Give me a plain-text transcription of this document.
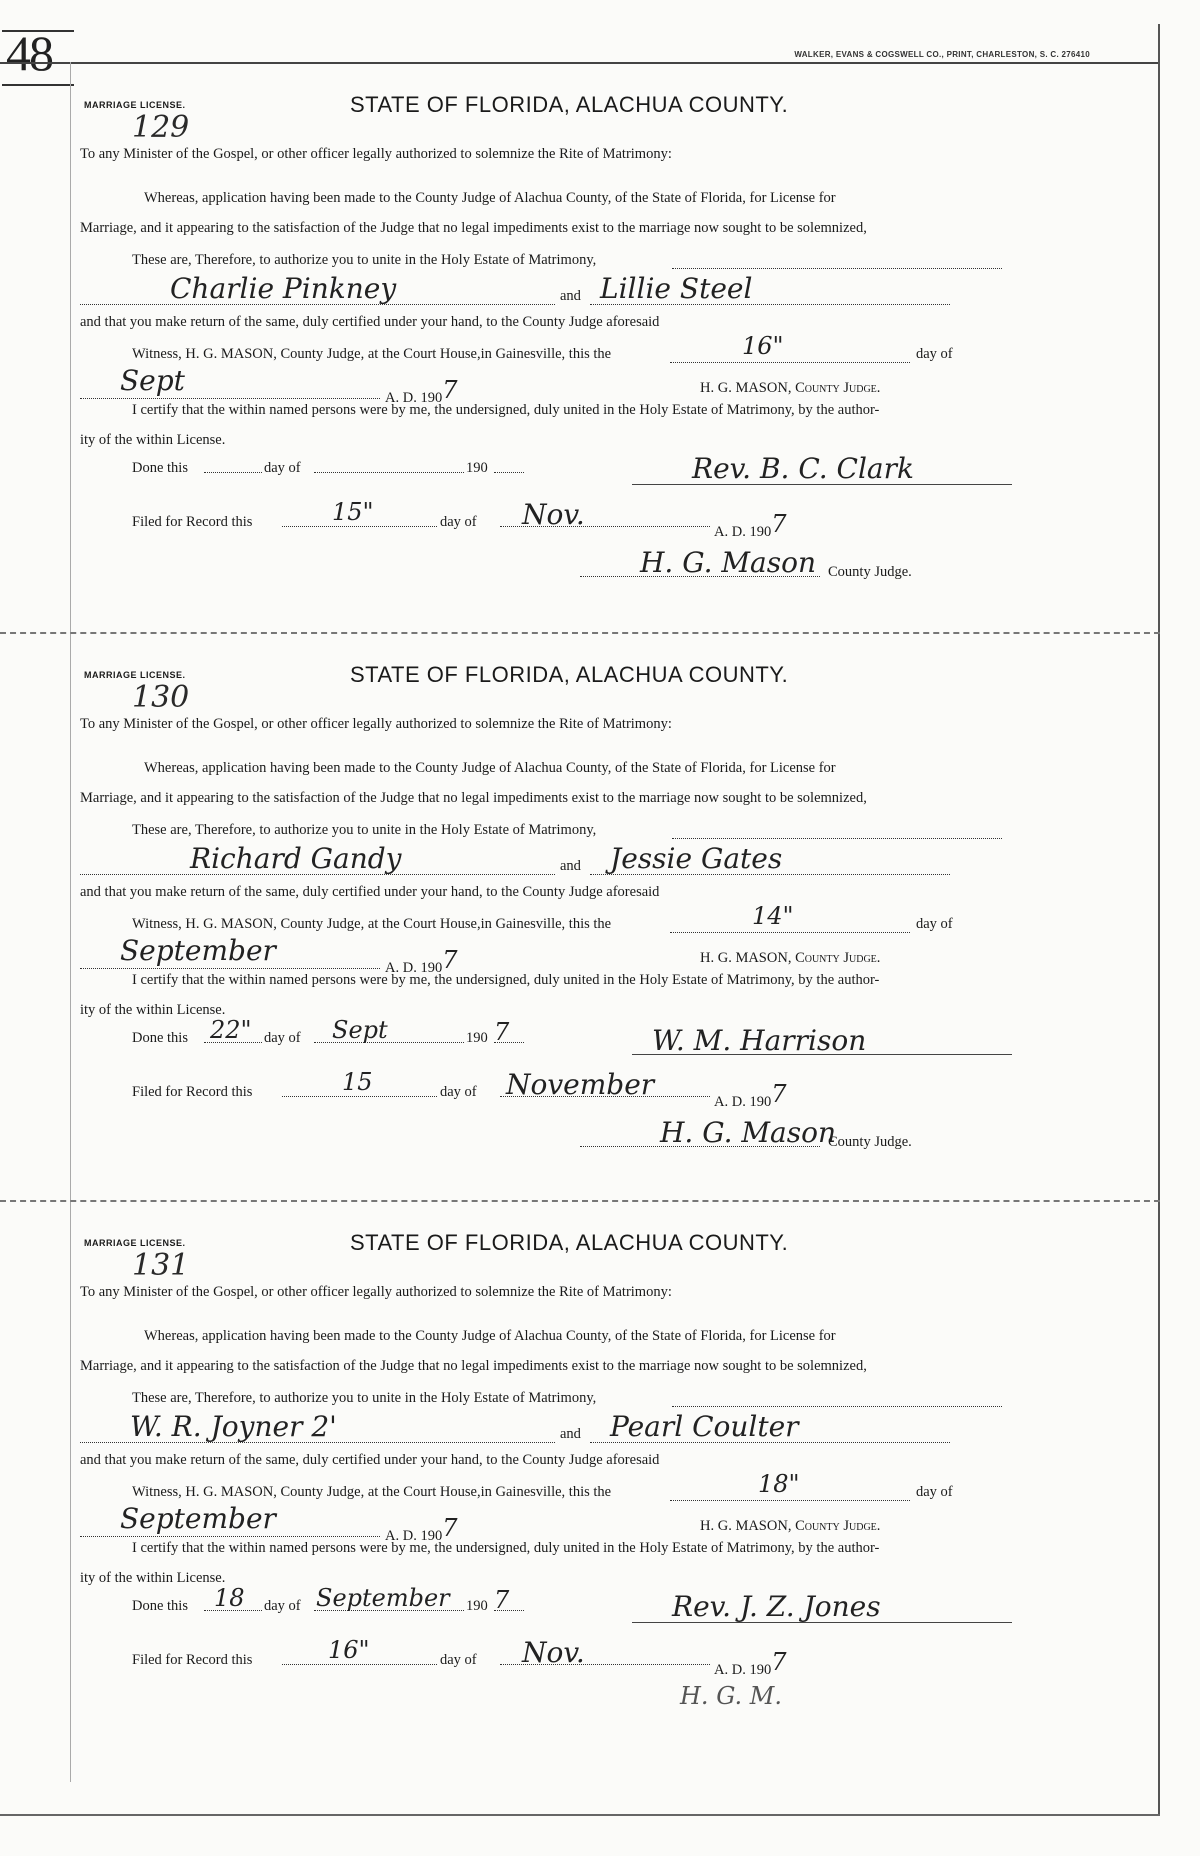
48	WALKER, EVANS & COGSWELL CO., PRINT, CHARLESTON, S. C. 276410
MARRIAGE LICENSE.	STATE OF FLORIDA, ALACHUA COUNTY.
129
To any Minister of the Gospel, or other officer legally authorized to solemnize the Rite of Matrimony:
Whereas, application having been made to the County Judge of Alachua County, of the State of Florida, for License for
Marriage, and it appearing to the satisfaction of the Judge that no legal impediments exist to the marriage now sought to be solemnized,
These are, Therefore, to authorize you to unite in the Holy Estate of Matrimony,
Charlie Pinkney	and Lillie Steel
and that you make return of the same, duly certified under your hand, to the County Judge aforesaid
Witness, H. G. MASON, County Judge, at the Court House,in Gainesville, this the	16"	day of
Sept
A. D. 1907	H. G. MASON, County Judge.
I certify that the within named persons were by me, the undersigned, duly united in the Holy Estate of Matrimony, by the author-
ity of the within License.
Done this	day of	190	Rev. B. C. Clark
Filed for Record this	15"	day of Nov.
A. D. 1907
H. G. Mason County Judge.
MARRIAGE LICENSE.	STATE OF FLORIDA, ALACHUA COUNTY.
130
To any Minister of the Gospel, or other officer legally authorized to solemnize the Rite of Matrimony:
Whereas, application having been made to the County Judge of Alachua County, of the State of Florida, for License for
Marriage, and it appearing to the satisfaction of the Judge that no legal impediments exist to the marriage now sought to be solemnized,
These are, Therefore, to authorize you to unite in the Holy Estate of Matrimony,
Richard Gandy	and Jessie Gates
and that you make return of the same, duly certified under your hand, to the County Judge aforesaid
Witness, H. G. MASON, County Judge, at the Court House,in Gainesville, this the	14"	day of
September
A. D. 1907	H. G. MASON, County Judge.
I certify that the within named persons were by me, the undersigned, duly united in the Holy Estate of Matrimony, by the author-
ity of the within License.
Done this 22" day of Sept	190 7	W. M. Harrison
Filed for Record this	15	day of November
A. D. 1907
H. G. Mason
County Judge.
MARRIAGE LICENSE.	STATE OF FLORIDA, ALACHUA COUNTY.
131
To any Minister of the Gospel, or other officer legally authorized to solemnize the Rite of Matrimony:
Whereas, application having been made to the County Judge of Alachua County, of the State of Florida, for License for
Marriage, and it appearing to the satisfaction of the Judge that no legal impediments exist to the marriage now sought to be solemnized,
These are, Therefore, to authorize you to unite in the Holy Estate of Matrimony,
W. R. Joyner 2'	and Pearl Coulter
and that you make return of the same, duly certified under your hand, to the County Judge aforesaid
Witness, H. G. MASON, County Judge, at the Court House,in Gainesville, this the	18"	day of
September
A. D. 1907	H. G. MASON, County Judge.
I certify that the within named persons were by me, the undersigned, duly united in the Holy Estate of Matrimony, by the author-
ity of the within License.
Done this 18 day of September 190 7	Rev. J. Z. Jones
Filed for Record this	16"	day of Nov.
A. D. 1907
H. G. M.
